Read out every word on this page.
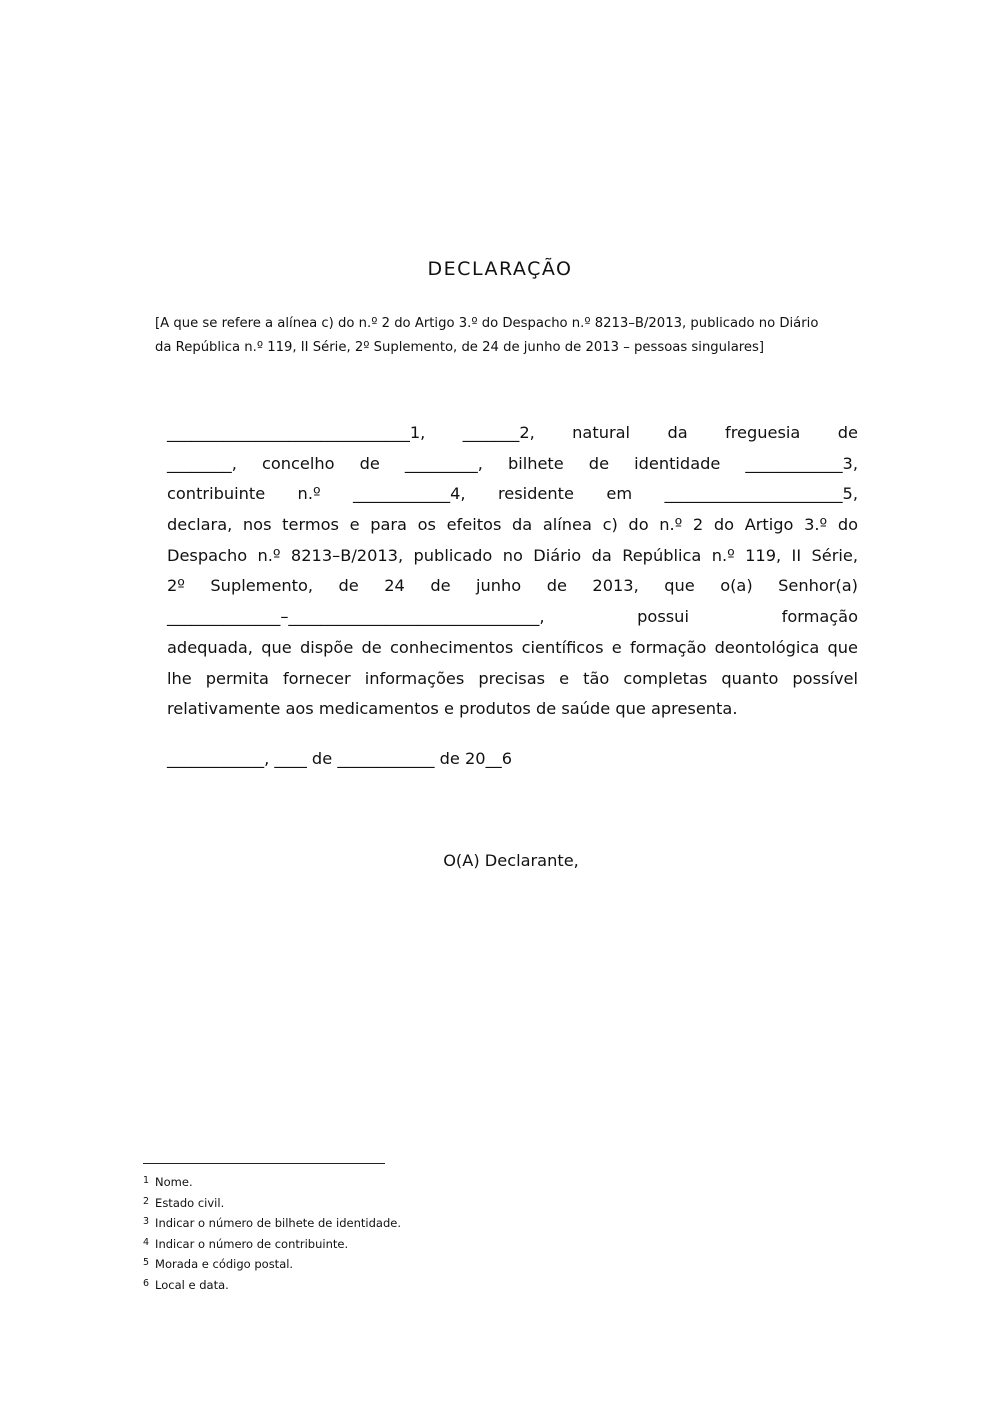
DECLARAÇÃO
[A que se refere a alínea c) do n.º 2 do Artigo 3.º do Despacho n.º 8213–B/2013, publicado no Diário
da República n.º 119, II Série, 2º Suplemento, de 24 de junho de 2013 – pessoas singulares]
______________________________1, _______2, natural da freguesia de
________, concelho de _________, bilhete de identidade ____________3,
contribuinte n.º ____________4, residente em ______________________5,
declara, nos termos e para os efeitos da alínea c) do n.º 2 do Artigo 3.º do
Despacho n.º 8213–B/2013, publicado no Diário da República n.º 119, II Série,
2º Suplemento, de 24 de junho de 2013, que o(a) Senhor(a)
______________–_______________________________, possui formação
adequada, que dispõe de conhecimentos científicos e formação deontológica que
lhe permita fornecer informações precisas e tão completas quanto possível
relativamente aos medicamentos e produtos de saúde que apresenta.
____________, ____ de ____________ de 20__6
O(A) Declarante,
$^1$ Nome.
$^2$ Estado civil.
$^3$ Indicar o número de bilhete de identidade.
$^4$ Indicar o número de contribuinte.
$^5$ Morada e código postal.
$^6$ Local e data.
